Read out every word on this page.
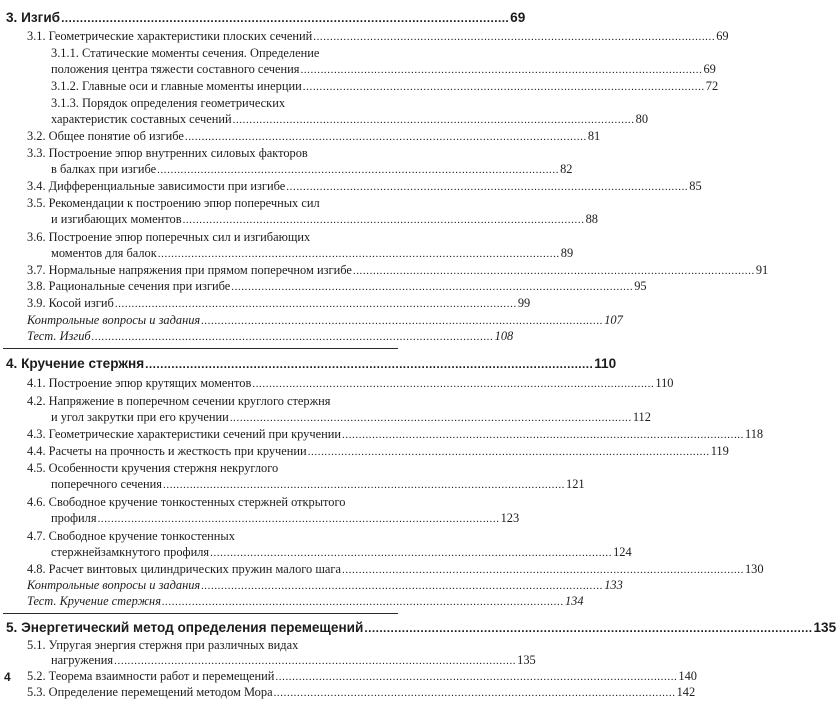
3. Изгиб ........................................................................................................................ 69
3.1. Геометрические характеристики плоских сечений ........................................................................................................................ 69
3.1.1. Статические моменты сечения. Определение
положения центра тяжести составного сечения ........................................................................................................................ 69
3.1.2. Главные оси и главные моменты инерции ........................................................................................................................ 72
3.1.3. Порядок определения геометрических
характеристик составных сечений ........................................................................................................................ 80
3.2. Общее понятие об изгибе ........................................................................................................................ 81
3.3. Построение эпюр внутренних силовых факторов
в балках при изгибе ........................................................................................................................ 82
3.4. Дифференциальные зависимости при изгибе ........................................................................................................................ 85
3.5. Рекомендации к построению эпюр поперечных сил
и изгибающих моментов ........................................................................................................................ 88
3.6. Построение эпюр поперечных сил и изгибающих
моментов для балок ........................................................................................................................ 89
3.7. Нормальные напряжения при прямом поперечном изгибе ........................................................................................................................ 91
3.8. Рациональные сечения при изгибе ........................................................................................................................ 95
3.9. Косой изгиб ........................................................................................................................ 99
Контрольные вопросы и задания ........................................................................................................................ 107
Тест. Изгиб ........................................................................................................................ 108
4. Кручение стержня ........................................................................................................................ 110
4.1. Построение эпюр крутящих моментов ........................................................................................................................ 110
4.2. Напряжение в поперечном сечении круглого стержня
и угол закрутки при его кручении ........................................................................................................................ 112
4.3. Геометрические характеристики сечений при кручении ........................................................................................................................ 118
4.4. Расчеты на прочность и жесткость при кручении ........................................................................................................................ 119
4.5. Особенности кручения стержня некруглого
поперечного сечения ........................................................................................................................ 121
4.6. Свободное кручение тонкостенных стержней открытого
профиля ........................................................................................................................ 123
4.7. Свободное кручение тонкостенных
стержнейзамкнутого профиля ........................................................................................................................ 124
4.8. Расчет винтовых цилиндрических пружин малого шага ........................................................................................................................ 130
Контрольные вопросы и задания ........................................................................................................................ 133
Тест. Кручение стержня ........................................................................................................................ 134
5. Энергетический метод определения перемещений ........................................................................................................................ 135
5.1. Упругая энергия стержня при различных видах
нагружения ........................................................................................................................ 135
5.2. Теорема взаимности работ и перемещений ........................................................................................................................ 140
5.3. Определение перемещений методом Мора ........................................................................................................................ 142
4
